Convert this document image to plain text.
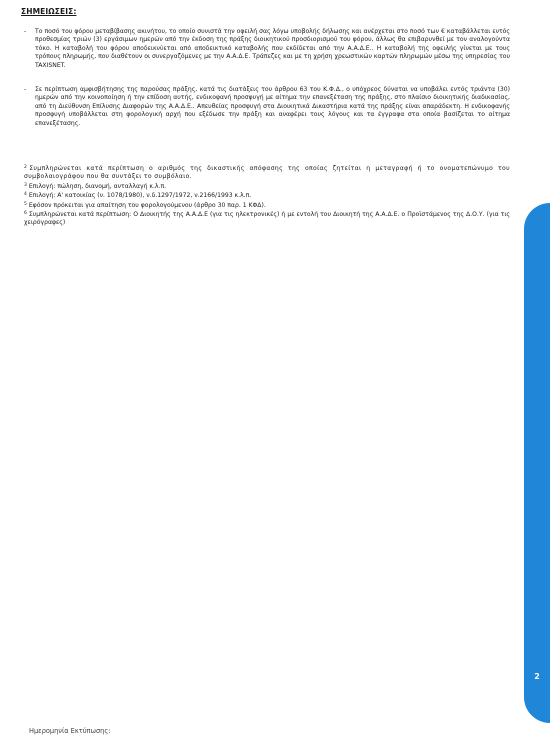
ΣΗΜΕΙΩΣΕΙΣ:
- Το ποσό του φόρου μεταβίβασης ακινήτου, το οποίο συνιστά την οφειλή σας λόγω υποβολής δήλωσης και ανέρχεται στο ποσό των € καταβάλλεται εντός προθεσμίας τριών (3) εργάσιμων ημερών από την έκδοση της πράξης διοικητικού προσδιορισμού του φόρου, άλλως θα επιβαρυνθεί με τον αναλογούντα τόκο. Η καταβολή του φόρου αποδεικνύεται από αποδεικτικό καταβολής που εκδίδεται από την Α.Α.Δ.Ε.. Η καταβολή της οφειλής γίνεται με τους τρόπους πληρωμής, που διαθέτουν οι συνεργαζόμενες με την Α.Α.Δ.Ε. Τράπεζες και με τη χρήση χρεωστικών καρτών πληρωμών μέσω της υπηρεσίας του TAXISNET.
- Σε περίπτωση αμφισβήτησης της παρούσας πράξης, κατά τις διατάξεις του άρθρου 63 του Κ.Φ.Δ., ο υπόχρεος δύναται να υποβάλει εντός τριάντα (30) ημερών από την κοινοποίηση ή την επίδοση αυτής, ενδικοφανή προσφυγή με αίτημα την επανεξέταση της πράξης, στο πλαίσιο διοικητικής διαδικασίας, από τη Διεύθυνση Επίλυσης Διαφορών της Α.Α.Δ.Ε.. Απευθείας προσφυγή στα Διοικητικά Δικαστήρια κατά της πράξης είναι απαράδεκτη. Η ενδικοφανής προσφυγή υποβάλλεται στη φορολογική αρχή που εξέδωσε την πράξη και αναφέρει τους λόγους και τα έγγραφα στα οποία βασίζεται το αίτημα επανεξέτασης.
$^2$ Συμπληρώνεται κατά περίπτωση ο αριθμός της δικαστικής απόφασης της οποίας ζητείται η μεταγραφή ή το ονοματεπώνυμο του συμβολαιογράφου που θα συντάξει το συμβόλαιο.
$^3$ Επιλογή: πώληση, διανομή, ανταλλαγή κ.λ.π.
$^4$ Επιλογή: Α' κατοικίας (ν. 1078/1980), ν.δ.1297/1972, ν.2166/1993 κ.λ.π.
$^5$ Εφόσον πρόκειται για απαίτηση του φορολογούμενου (άρθρο 30 παρ. 1 ΚΦΔ).
$^6$ Συμπληρώνεται κατά περίπτωση: Ο Διοικητής της Α.Α.Δ.Ε (για τις ηλεκτρονικές) ή με εντολή του Διοικητή της Α.Α.Δ.Ε. ο Προϊστάμενος της Δ.Ο.Υ. (για τις χειρόγραφες)
2
Ημερομηνία Εκτύπωσης:
